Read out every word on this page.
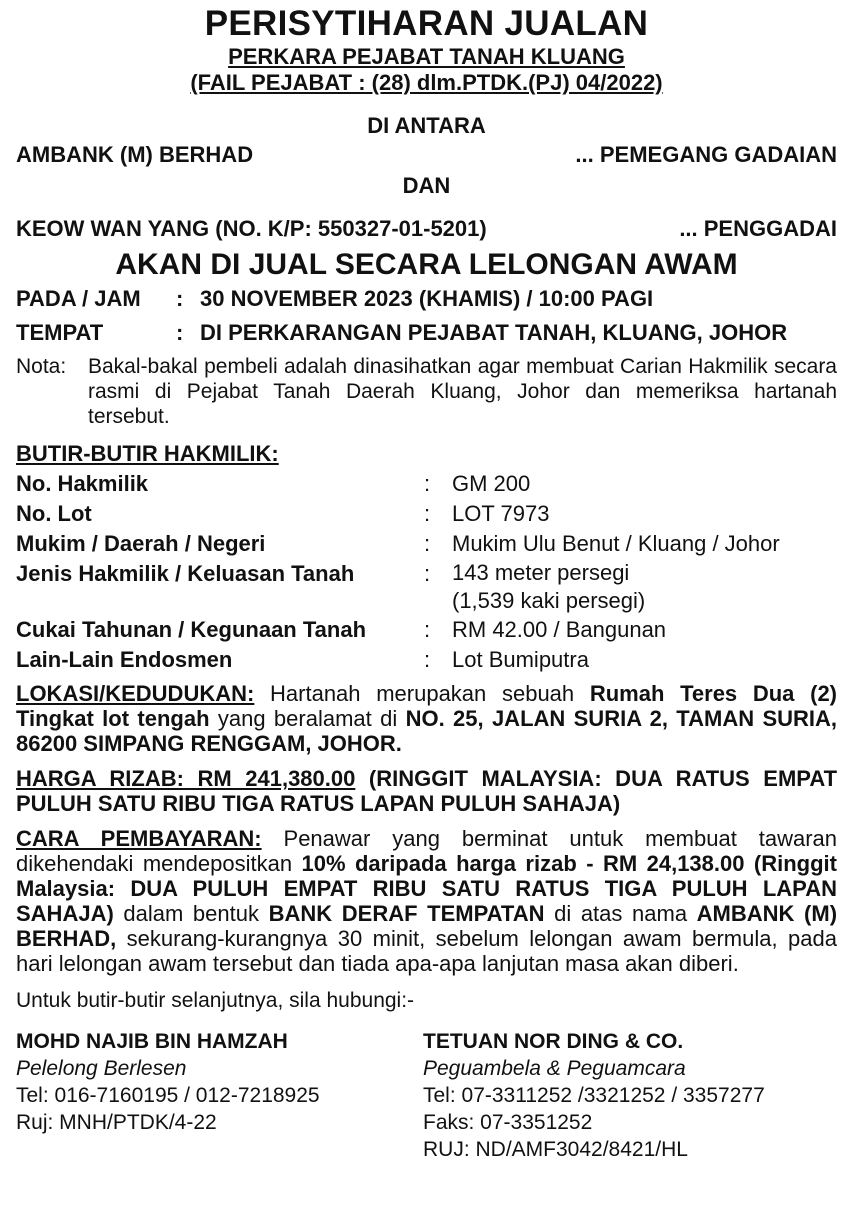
PERISYTIHARAN JUALAN
PERKARA PEJABAT TANAH KLUANG
(FAIL PEJABAT : (28) dlm.PTDK.(PJ) 04/2022)
DI ANTARA
AMBANK (M) BERHAD	... PEMEGANG GADAIAN
DAN
KEOW WAN YANG (NO. K/P: 550327-01-5201)	... PENGGADAI
AKAN DI JUAL SECARA LELONGAN AWAM
PADA / JAM	: 30 NOVEMBER 2023 (KHAMIS) / 10:00 PAGI
TEMPAT	: DI PERKARANGAN PEJABAT TANAH, KLUANG, JOHOR
Nota:	Bakal-bakal pembeli adalah dinasihatkan agar membuat Carian Hakmilik secara rasmi di Pejabat Tanah Daerah Kluang, Johor dan memeriksa hartanah tersebut.
BUTIR-BUTIR HAKMILIK:
No. Hakmilik	: GM 200
No. Lot	: LOT 7973
Mukim / Daerah / Negeri	: Mukim Ulu Benut / Kluang / Johor
Jenis Hakmilik / Keluasan Tanah	: 143 meter persegi
(1,539 kaki persegi)
Cukai Tahunan / Kegunaan Tanah	: RM 42.00 / Bangunan
Lain-Lain Endosmen	: Lot Bumiputra
LOKASI/KEDUDUKAN: Hartanah merupakan sebuah Rumah Teres Dua (2) Tingkat lot tengah yang beralamat di NO. 25, JALAN SURIA 2, TAMAN SURIA, 86200 SIMPANG RENGGAM, JOHOR.
HARGA RIZAB: RM 241,380.00 (RINGGIT MALAYSIA: DUA RATUS EMPAT PULUH SATU RIBU TIGA RATUS LAPAN PULUH SAHAJA)
CARA PEMBAYARAN: Penawar yang berminat untuk membuat tawaran dikehendaki mendepositkan 10% daripada harga rizab - RM 24,138.00 (Ringgit Malaysia: DUA PULUH EMPAT RIBU SATU RATUS TIGA PULUH LAPAN SAHAJA) dalam bentuk BANK DERAF TEMPATAN di atas nama AMBANK (M) BERHAD, sekurang-kurangnya 30 minit, sebelum lelongan awam bermula, pada hari lelongan awam tersebut dan tiada apa-apa lanjutan masa akan diberi.
Untuk butir-butir selanjutnya, sila hubungi:-
MOHD NAJIB BIN HAMZAH
Pelelong Berlesen
Tel: 016-7160195 / 012-7218925
Ruj: MNH/PTDK/4-22
TETUAN NOR DING & CO.
Peguambela & Peguamcara
Tel: 07-3311252 /3321252 / 3357277
Faks: 07-3351252
RUJ: ND/AMF3042/8421/HL
